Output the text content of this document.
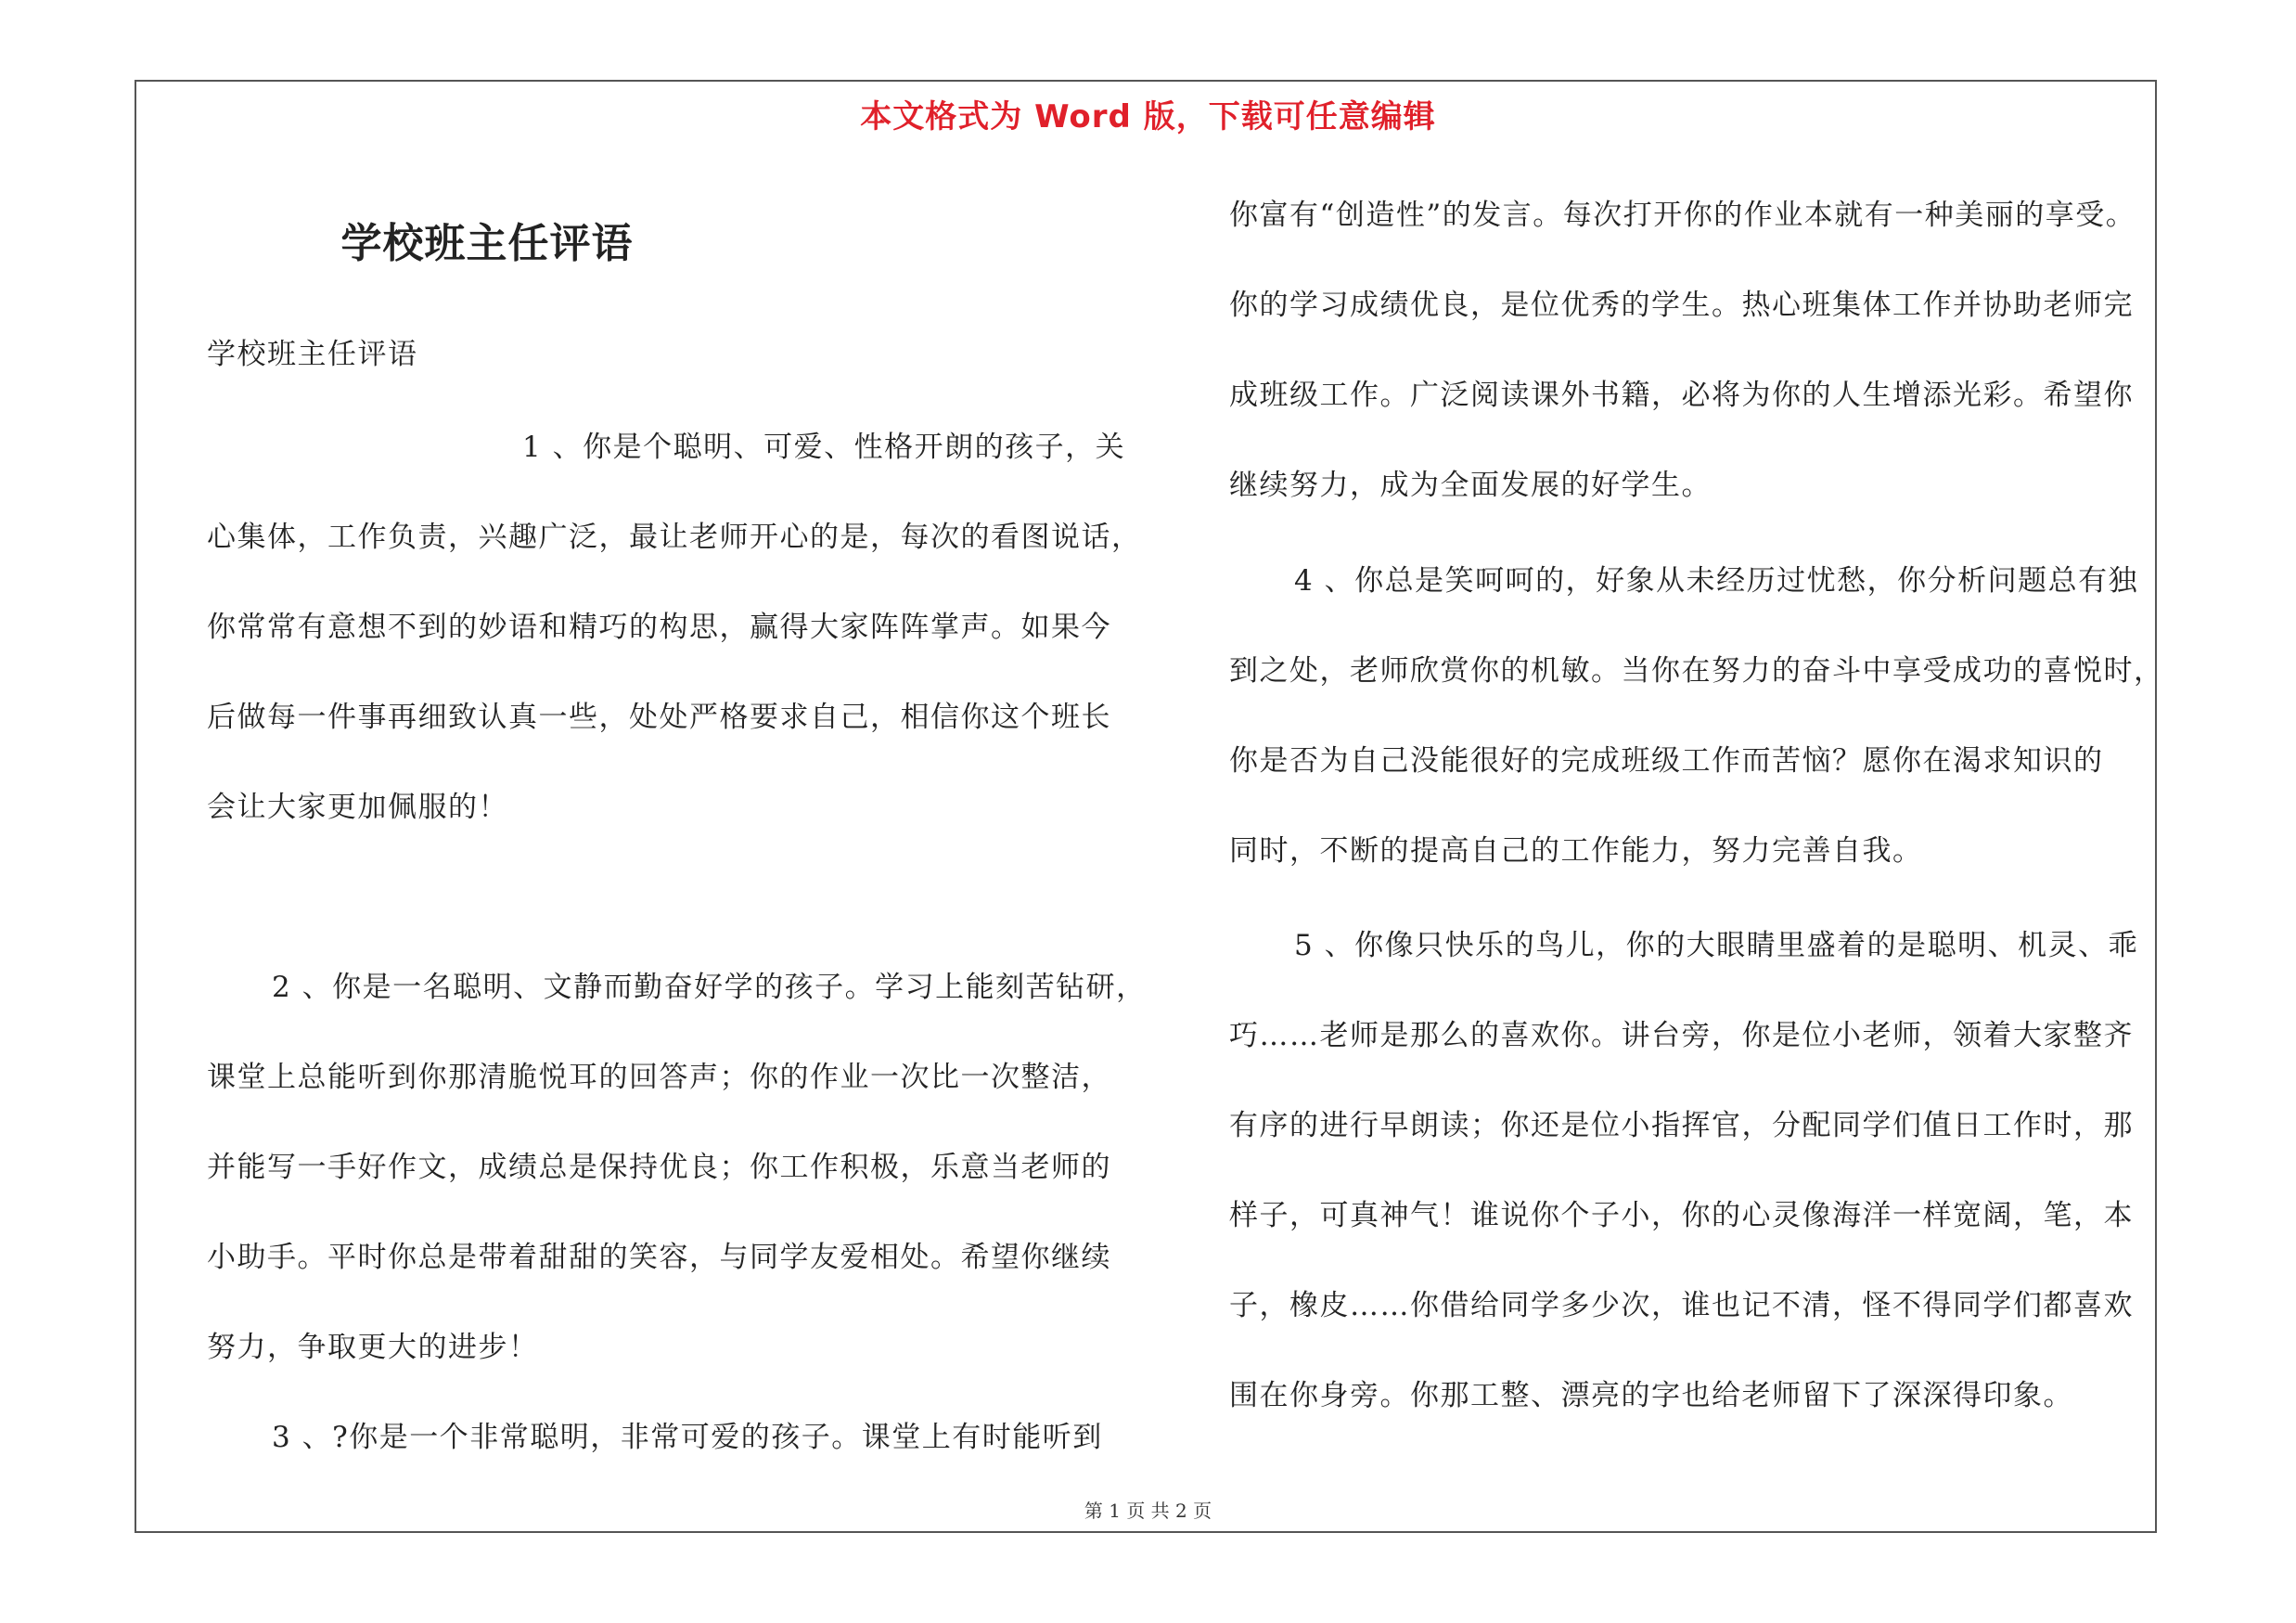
本文格式为 Word 版，下载可任意编辑
学校班主任评语
学校班主任评语
1 、你是个聪明、可爱、性格开朗的孩子，关
心集体，工作负责，兴趣广泛，最让老师开心的是，每次的看图说话，
你常常有意想不到的妙语和精巧的构思，赢得大家阵阵掌声。如果今
后做每一件事再细致认真一些，处处严格要求自己，相信你这个班长
会让大家更加佩服的！
2 、你是一名聪明、文静而勤奋好学的孩子。学习上能刻苦钻研，
课堂上总能听到你那清脆悦耳的回答声；你的作业一次比一次整洁，
并能写一手好作文，成绩总是保持优良；你工作积极，乐意当老师的
小助手。平时你总是带着甜甜的笑容，与同学友爱相处。希望你继续
努力，争取更大的进步！
3 、?你是一个非常聪明，非常可爱的孩子。课堂上有时能听到
你富有“创造性”的发言。每次打开你的作业本就有一种美丽的享受。
你的学习成绩优良，是位优秀的学生。热心班集体工作并协助老师完
成班级工作。广泛阅读课外书籍，必将为你的人生增添光彩。希望你
继续努力，成为全面发展的好学生。
4 、你总是笑呵呵的，好象从未经历过忧愁，你分析问题总有独
到之处，老师欣赏你的机敏。当你在努力的奋斗中享受成功的喜悦时，
你是否为自己没能很好的完成班级工作而苦恼？愿你在渴求知识的
同时，不断的提高自己的工作能力，努力完善自我。
5 、你像只快乐的鸟儿，你的大眼睛里盛着的是聪明、机灵、乖
巧……老师是那么的喜欢你。讲台旁，你是位小老师，领着大家整齐
有序的进行早朗读；你还是位小指挥官，分配同学们值日工作时，那
样子，可真神气！谁说你个子小，你的心灵像海洋一样宽阔，笔，本
子，橡皮……你借给同学多少次，谁也记不清，怪不得同学们都喜欢
围在你身旁。你那工整、漂亮的字也给老师留下了深深得印象。
第 1 页 共 2 页
